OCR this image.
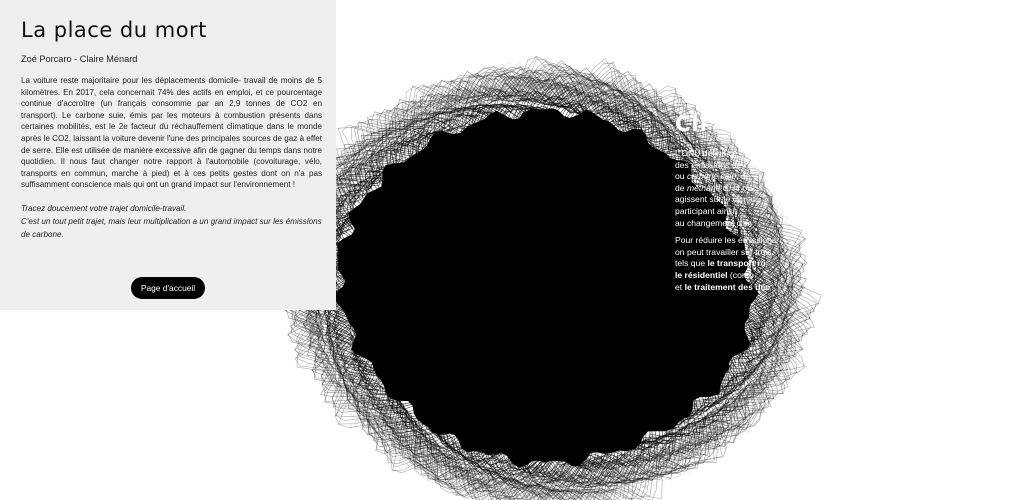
La place du mort

Zoé Porcaro - Claire Ménard

La voiture reste majoritaire pour les déplacements domicile- travail de moins de 5 kilomètres. En 2017, cela concernait 74% des actifs en emploi, et ce pourcentage continue d'accroître (un français consomme par an 2,9 tonnes de CO2 en transport). Le carbone suie, émis par les moteurs à combustion présents dans certaines mobilités, est le 2e facteur du réchauffement climatique dans le monde après le CO2, laissant la voiture devenir l'une des principales sources de gaz à effet de serre. Elle est utilisée de manière excessive afin de gagner du temps dans notre quotidien. Il nous faut changer notre rapport à l'automobile (covoiturage, vélo, transports en commun, marche à pied) et à ces petits gestes dont on n'a pas suffisamment conscience mais qui ont un grand impact sur l'environnement !

Tracez doucement votre trajet domicile-travail.
C'est un tout petit trajet, mais leur multiplication a un grand impact sur les émissions de carbone.

Page d'accueil
Cli

L'ONU définit ce
des émissions de
ou carbone suie, de
de méthane CH4 ou
agissent sur le climat
participant ainsi
au changement clim

Pour réduire les émissions
on peut travailler sur trois
tels que le transport ro
le résidentiel (comb
et le traitement des déc
